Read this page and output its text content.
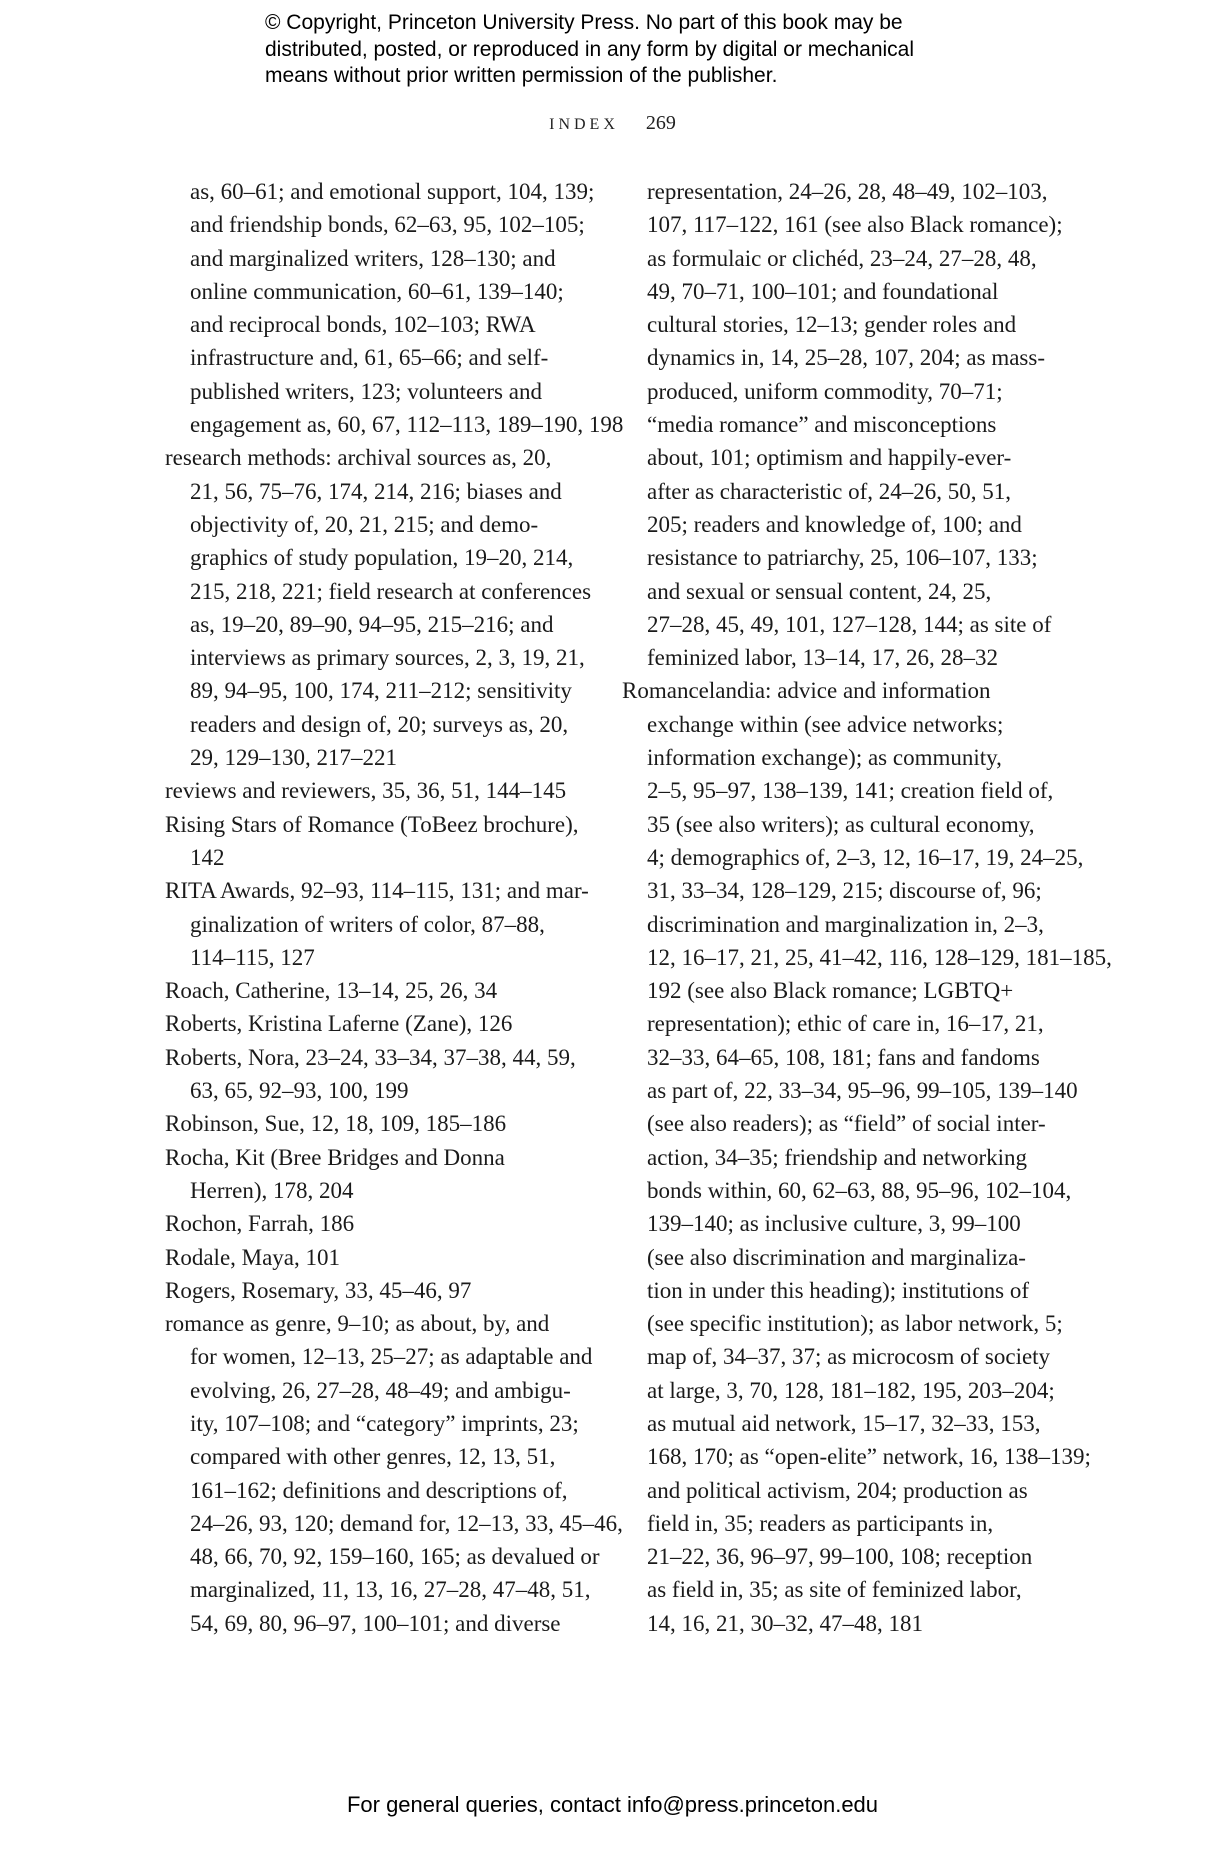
© Copyright, Princeton University Press. No part of this book may be
distributed, posted, or reproduced in any form by digital or mechanical
means without prior written permission of the publisher.
INDEX 269
as, 60–61; and emotional support, 104, 139;
and friendship bonds, 62–63, 95, 102–105;
and marginalized writers, 128–130; and
online communication, 60–61, 139–140;
and reciprocal bonds, 102–103; RWA
infrastructure and, 61, 65–66; and self-
published writers, 123; volunteers and
engagement as, 60, 67, 112–113, 189–190, 198
research methods: archival sources as, 20,
21, 56, 75–76, 174, 214, 216; biases and
objectivity of, 20, 21, 215; and demo-
graphics of study population, 19–20, 214,
215, 218, 221; field research at conferences
as, 19–20, 89–90, 94–95, 215–216; and
interviews as primary sources, 2, 3, 19, 21,
89, 94–95, 100, 174, 211–212; sensitivity
readers and design of, 20; surveys as, 20,
29, 129–130, 217–221
reviews and reviewers, 35, 36, 51, 144–145
Rising Stars of Romance (ToBeez brochure),
142
RITA Awards, 92–93, 114–115, 131; and mar-
ginalization of writers of color, 87–88,
114–115, 127
Roach, Catherine, 13–14, 25, 26, 34
Roberts, Kristina Laferne (Zane), 126
Roberts, Nora, 23–24, 33–34, 37–38, 44, 59,
63, 65, 92–93, 100, 199
Robinson, Sue, 12, 18, 109, 185–186
Rocha, Kit (Bree Bridges and Donna
Herren), 178, 204
Rochon, Farrah, 186
Rodale, Maya, 101
Rogers, Rosemary, 33, 45–46, 97
romance as genre, 9–10; as about, by, and
for women, 12–13, 25–27; as adaptable and
evolving, 26, 27–28, 48–49; and ambigu-
ity, 107–108; and “category” imprints, 23;
compared with other genres, 12, 13, 51,
161–162; definitions and descriptions of,
24–26, 93, 120; demand for, 12–13, 33, 45–46,
48, 66, 70, 92, 159–160, 165; as devalued or
marginalized, 11, 13, 16, 27–28, 47–48, 51,
54, 69, 80, 96–97, 100–101; and diverse
representation, 24–26, 28, 48–49, 102–103,
107, 117–122, 161 (see also Black romance);
as formulaic or clichéd, 23–24, 27–28, 48,
49, 70–71, 100–101; and foundational
cultural stories, 12–13; gender roles and
dynamics in, 14, 25–28, 107, 204; as mass-
produced, uniform commodity, 70–71;
“media romance” and misconceptions
about, 101; optimism and happily-ever-
after as characteristic of, 24–26, 50, 51,
205; readers and knowledge of, 100; and
resistance to patriarchy, 25, 106–107, 133;
and sexual or sensual content, 24, 25,
27–28, 45, 49, 101, 127–128, 144; as site of
feminized labor, 13–14, 17, 26, 28–32
Romancelandia: advice and information
exchange within (see advice networks;
information exchange); as community,
2–5, 95–97, 138–139, 141; creation field of,
35 (see also writers); as cultural economy,
4; demographics of, 2–3, 12, 16–17, 19, 24–25,
31, 33–34, 128–129, 215; discourse of, 96;
discrimination and marginalization in, 2–3,
12, 16–17, 21, 25, 41–42, 116, 128–129, 181–185,
192 (see also Black romance; LGBTQ+
representation); ethic of care in, 16–17, 21,
32–33, 64–65, 108, 181; fans and fandoms
as part of, 22, 33–34, 95–96, 99–105, 139–140
(see also readers); as “field” of social inter-
action, 34–35; friendship and networking
bonds within, 60, 62–63, 88, 95–96, 102–104,
139–140; as inclusive culture, 3, 99–100
(see also discrimination and marginaliza-
tion in under this heading); institutions of
(see specific institution); as labor network, 5;
map of, 34–37, 37; as microcosm of society
at large, 3, 70, 128, 181–182, 195, 203–204;
as mutual aid network, 15–17, 32–33, 153,
168, 170; as “open-elite” network, 16, 138–139;
and political activism, 204; production as
field in, 35; readers as participants in,
21–22, 36, 96–97, 99–100, 108; reception
as field in, 35; as site of feminized labor,
14, 16, 21, 30–32, 47–48, 181
For general queries, contact info@press.princeton.edu
